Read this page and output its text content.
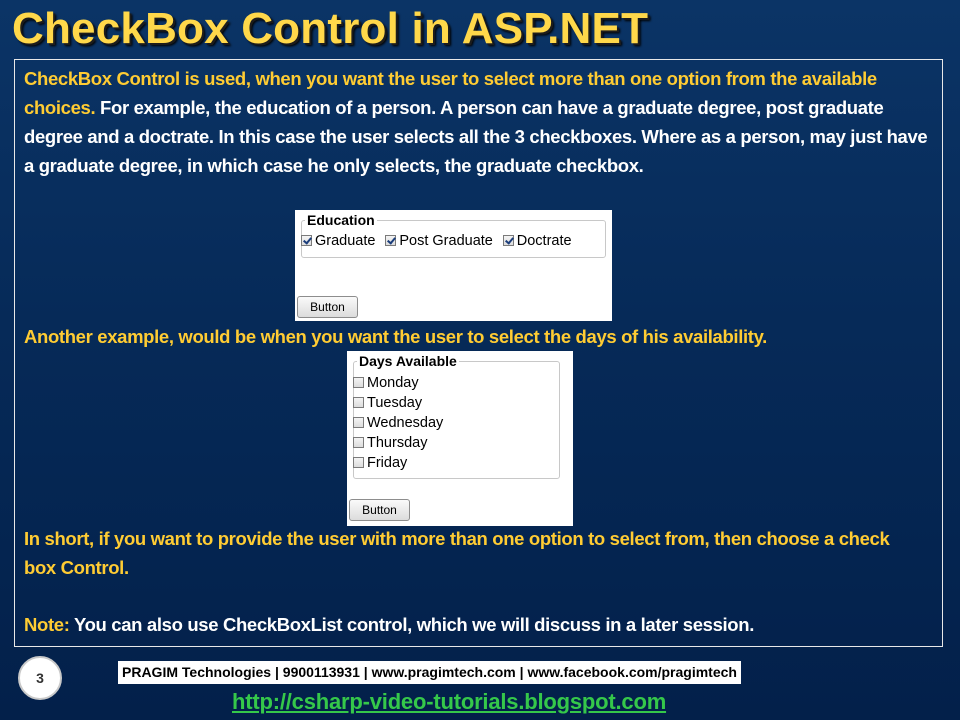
CheckBox Control in ASP.NET

CheckBox Control is used, when you want the user to select more than one option from the available choices. For example, the education of a person. A person can have a graduate degree, post graduate degree and a doctrate. In this case the user selects all the 3 checkboxes. Where as a person, may just have a graduate degree, in which case he only selects, the graduate checkbox.

Education
Graduate Post Graduate Doctrate
Button

Another example, would be when you want the user to select the days of his availability.

Days Available
Monday
Tuesday
Wednesday
Thursday
Friday
Button

In short, if you want to provide the user with more than one option to select from, then choose a check box Control.

Note: You can also use CheckBoxList control, which we will discuss in a later session.

3	PRAGIM Technologies | 9900113931 | www.pragimtech.com | www.facebook.com/pragimtech
http://csharp-video-tutorials.blogspot.com
